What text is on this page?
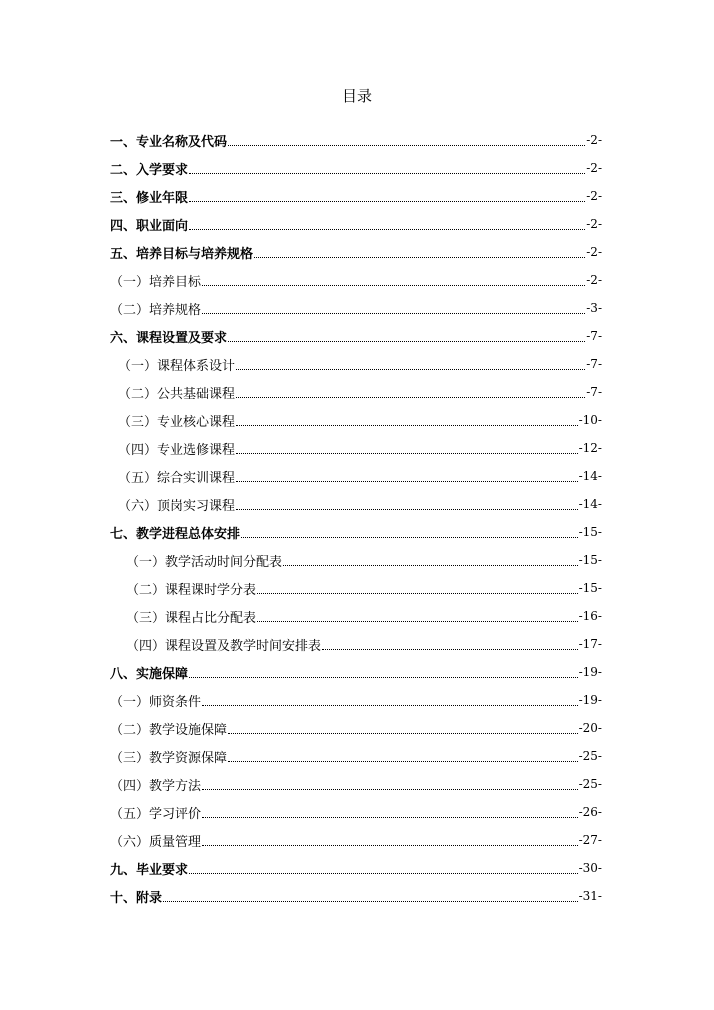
目录
一、专业名称及代码	-2-
二、入学要求	-2-
三、修业年限	-2-
四、职业面向	-2-
五、培养目标与培养规格	-2-
（一）培养目标	-2-
（二）培养规格	-3-
六、课程设置及要求	-7-
（一）课程体系设计	-7-
（二）公共基础课程	-7-
（三）专业核心课程	-10-
（四）专业选修课程	-12-
（五）综合实训课程	-14-
（六）顶岗实习课程	-14-
七、教学进程总体安排	-15-
（一）教学活动时间分配表	-15-
（二）课程课时学分表	-15-
（三）课程占比分配表	-16-
（四）课程设置及教学时间安排表	-17-
八、实施保障	-19-
（一）师资条件	-19-
（二）教学设施保障	-20-
（三）教学资源保障	-25-
（四）教学方法	-25-
（五）学习评价	-26-
（六）质量管理	-27-
九、毕业要求	-30-
十、附录	-31-
